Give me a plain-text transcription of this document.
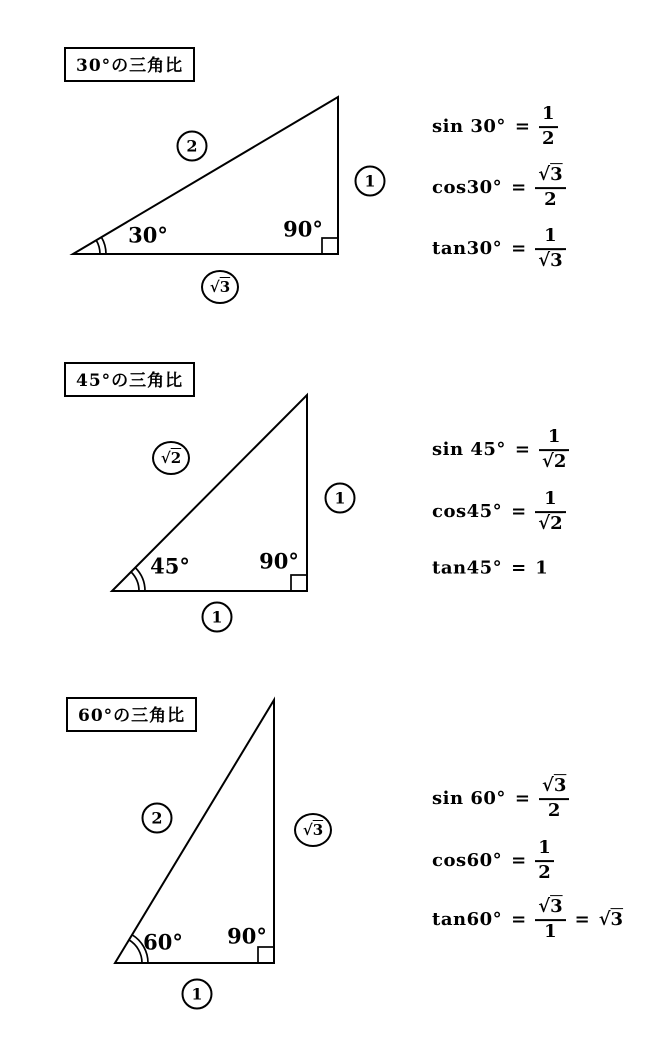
30°の三角比
2
1
√3
30°	90°
$\sin 30^\circ = \frac{1}{2}$
$\cos 30^\circ = \frac{√3}{2}$
$\tan 30^\circ = \frac{1}{√3}$
45°の三角比
√2
1
1
45°	90°
$\sin 45^\circ = \frac{1}{√2}$
$\cos 45^\circ = \frac{1}{√2}$
tan45° = 1
60°の三角比
2
√3
1
60° 90°
$\sin 60^\circ = \frac{√3}{2}$
$\cos 60^\circ = \frac{1}{2}$
$\tan 60^\circ = \frac{√3}{1} = √3$
